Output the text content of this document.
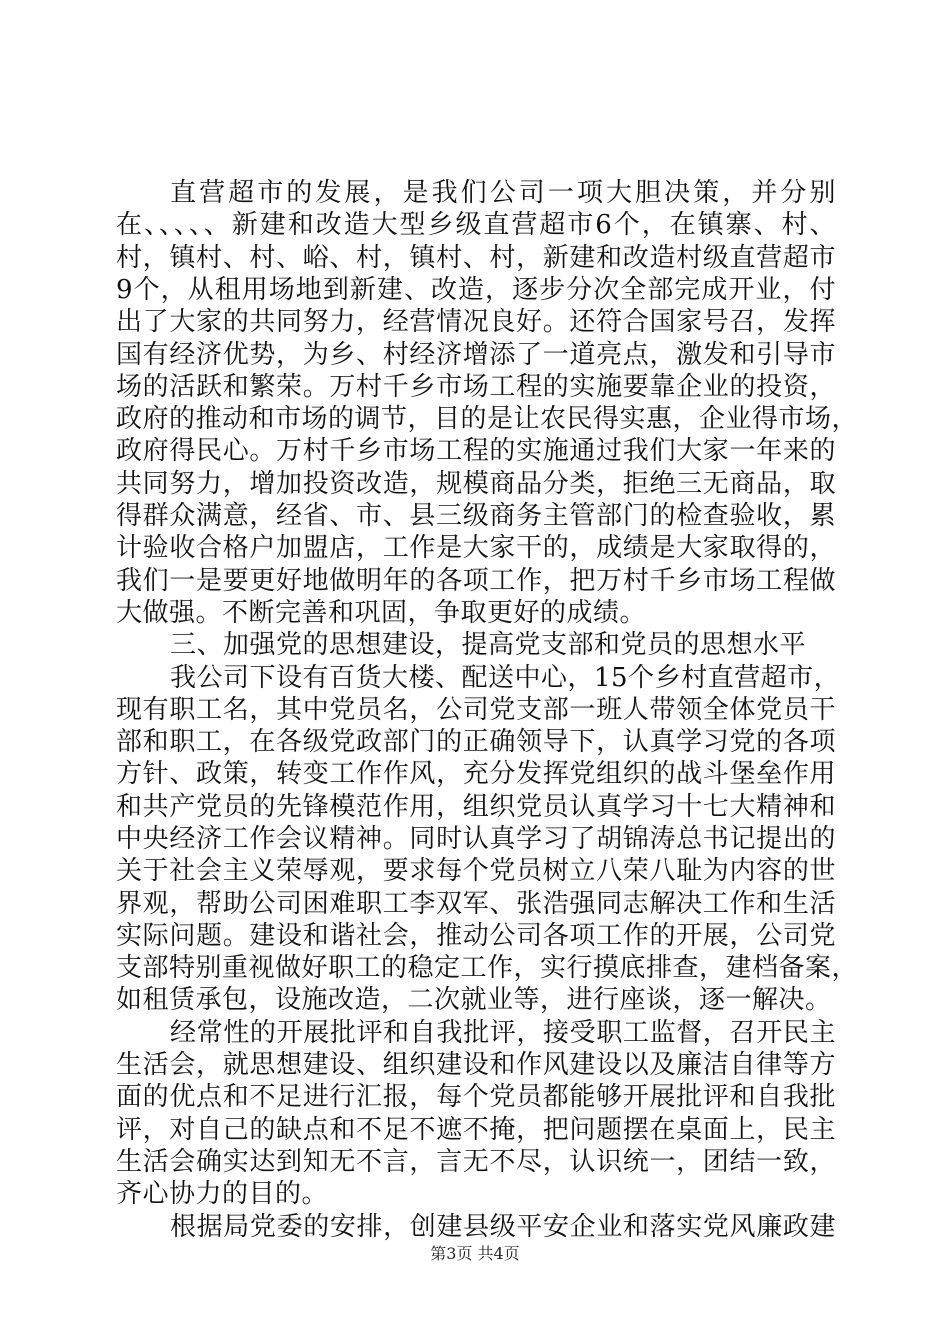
直营超市的发展，是我们公司一项大胆决策，并分别
在、、、、、新建和改造大型乡级直营超市6个，在镇寨、村、
村，镇村、村、峪、村，镇村、村，新建和改造村级直营超市
9个，从租用场地到新建、改造，逐步分次全部完成开业，付
出了大家的共同努力，经营情况良好。还符合国家号召，发挥
国有经济优势，为乡、村经济增添了一道亮点，激发和引导市
场的活跃和繁荣。万村千乡市场工程的实施要靠企业的投资，
政府的推动和市场的调节，目的是让农民得实惠，企业得市场，
政府得民心。万村千乡市场工程的实施通过我们大家一年来的
共同努力，增加投资改造，规模商品分类，拒绝三无商品，取
得群众满意，经省、市、县三级商务主管部门的检查验收，累
计验收合格户加盟店，工作是大家干的，成绩是大家取得的，
我们一是要更好地做明年的各项工作，把万村千乡市场工程做
大做强。不断完善和巩固，争取更好的成绩。
三、加强党的思想建设，提高党支部和党员的思想水平
我公司下设有百货大楼、配送中心，15个乡村直营超市，
现有职工名，其中党员名，公司党支部一班人带领全体党员干
部和职工，在各级党政部门的正确领导下，认真学习党的各项
方针、政策，转变工作作风，充分发挥党组织的战斗堡垒作用
和共产党员的先锋模范作用，组织党员认真学习十七大精神和
中央经济工作会议精神。同时认真学习了胡锦涛总书记提出的
关于社会主义荣辱观，要求每个党员树立八荣八耻为内容的世
界观，帮助公司困难职工李双军、张浩强同志解决工作和生活
实际问题。建设和谐社会，推动公司各项工作的开展，公司党
支部特别重视做好职工的稳定工作，实行摸底排查，建档备案，
如租赁承包，设施改造，二次就业等，进行座谈，逐一解决。
经常性的开展批评和自我批评，接受职工监督，召开民主
生活会，就思想建设、组织建设和作风建设以及廉洁自律等方
面的优点和不足进行汇报，每个党员都能够开展批评和自我批
评，对自己的缺点和不足不遮不掩，把问题摆在桌面上，民主
生活会确实达到知无不言，言无不尽，认识统一，团结一致，
齐心协力的目的。
根据局党委的安排，创建县级平安企业和落实党风廉政建
第3页 共4页
